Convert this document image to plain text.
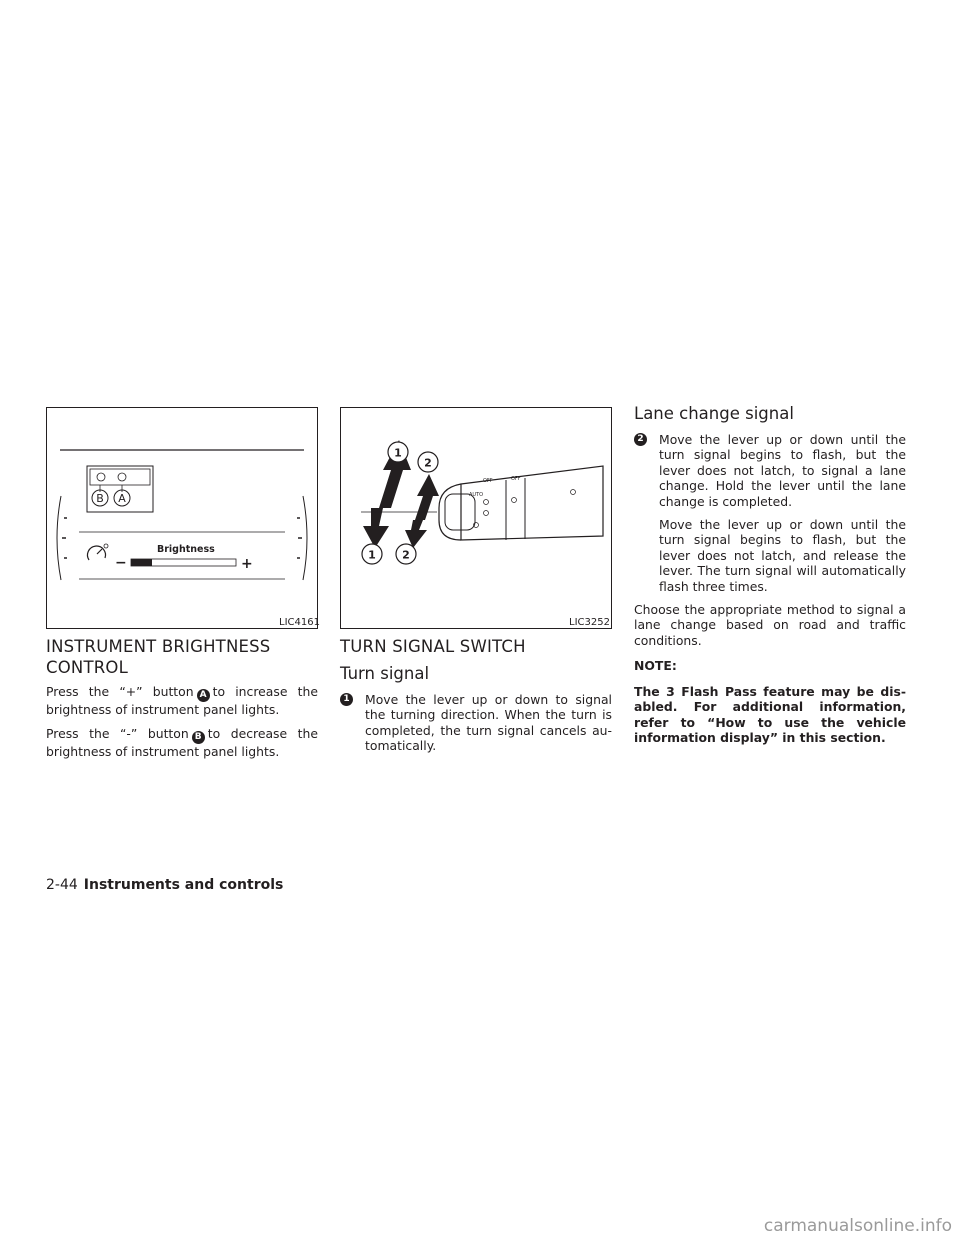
B A
Brightness
−	+
LIC4161
OFF	OFF
AUTO
1
2
1 2
LIC3252
INSTRUMENT BRIGHTNESS
CONTROL

Press the “+” button A to increase the brightness of instrument panel lights.

Press the “-” button B to decrease the brightness of instrument panel lights.

TURN SIGNAL SWITCH
Turn signal

1 Move the lever up or down to signal the turning direction. When the turn is completed, the turn signal cancels au- tomatically.

Lane change signal

2 Move the lever up or down until the turn signal begins to flash, but the lever does not latch, to signal a lane change. Hold the lever until the lane change is completed.

Move the lever up or down until the turn signal begins to flash, but the lever does not latch, and release the lever. The turn signal will automatically flash three times.

Choose the appropriate method to signal a lane change based on road and traffic conditions.

NOTE:

The 3 Flash Pass feature may be dis- abled. For additional information, refer to “How to use the vehicle information display” in this section.

2-44 Instruments and controls
carmanualsonline.info
